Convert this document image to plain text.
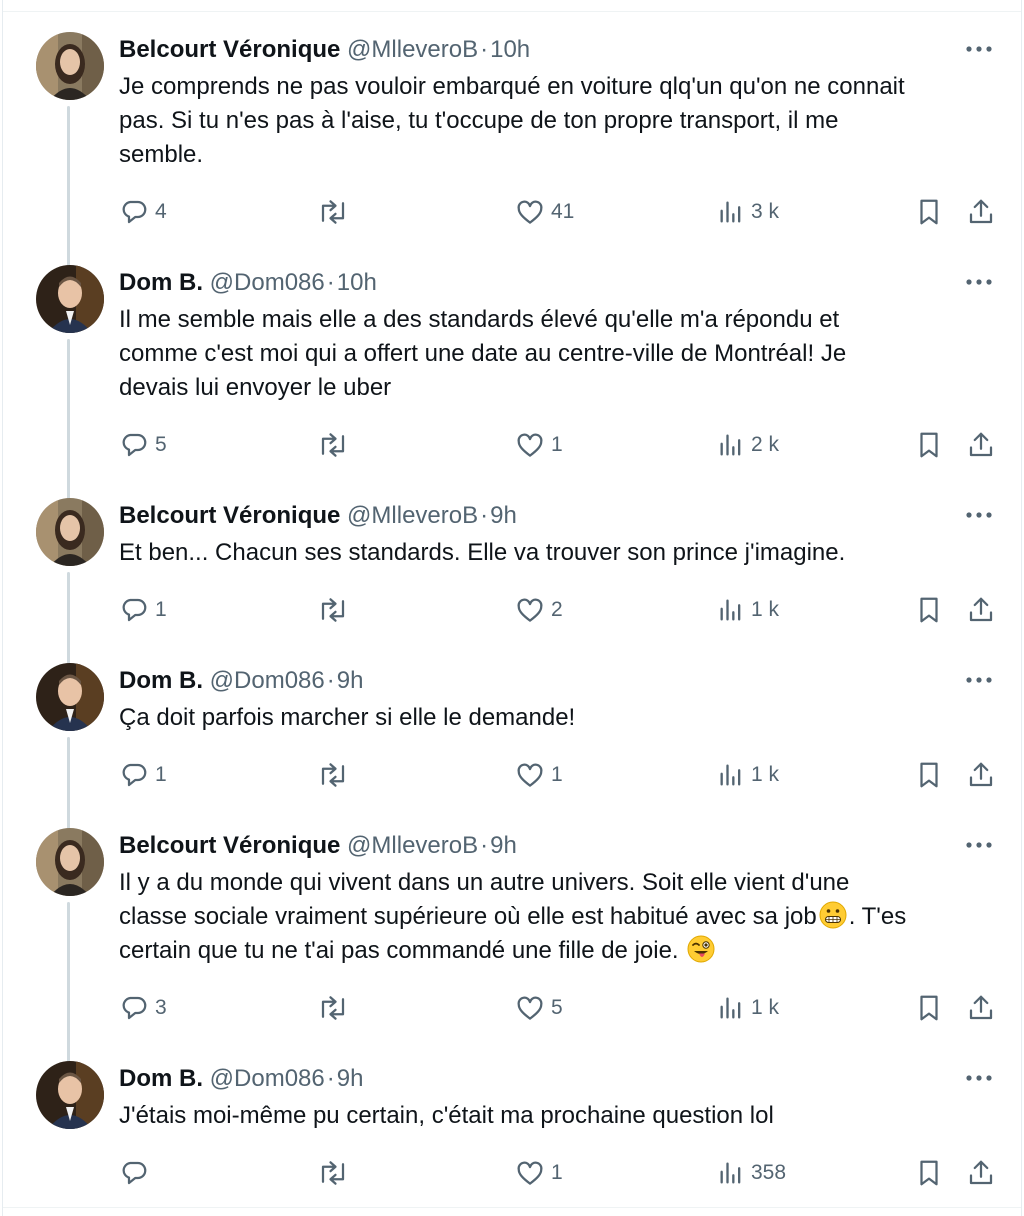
Belcourt Véronique @MlleveroB·10h
Je comprends ne pas vouloir embarqué en voiture qlq'un qu'on ne connait
pas. Si tu n'es pas à l'aise, tu t'occupe de ton propre transport, il me
semble.
4	41	3 k
Dom B. @Dom086·10h
Il me semble mais elle a des standards élevé qu'elle m'a répondu et
comme c'est moi qui a offert une date au centre-ville de Montréal! Je
devais lui envoyer le uber
5	1	2 k
Belcourt Véronique @MlleveroB·9h
Et ben... Chacun ses standards. Elle va trouver son prince j'imagine.
1	2	1 k
Dom B. @Dom086·9h
Ça doit parfois marcher si elle le demande!
1	1	1 k
Belcourt Véronique @MlleveroB·9h
Il y a du monde qui vivent dans un autre univers. Soit elle vient d'une
classe sociale vraiment supérieure où elle est habitué avec sa job . T'es
certain que tu ne t'ai pas commandé une fille de joie.
3	5	1 k
Dom B. @Dom086·9h
J'étais moi-même pu certain, c'était ma prochaine question lol
1	358
